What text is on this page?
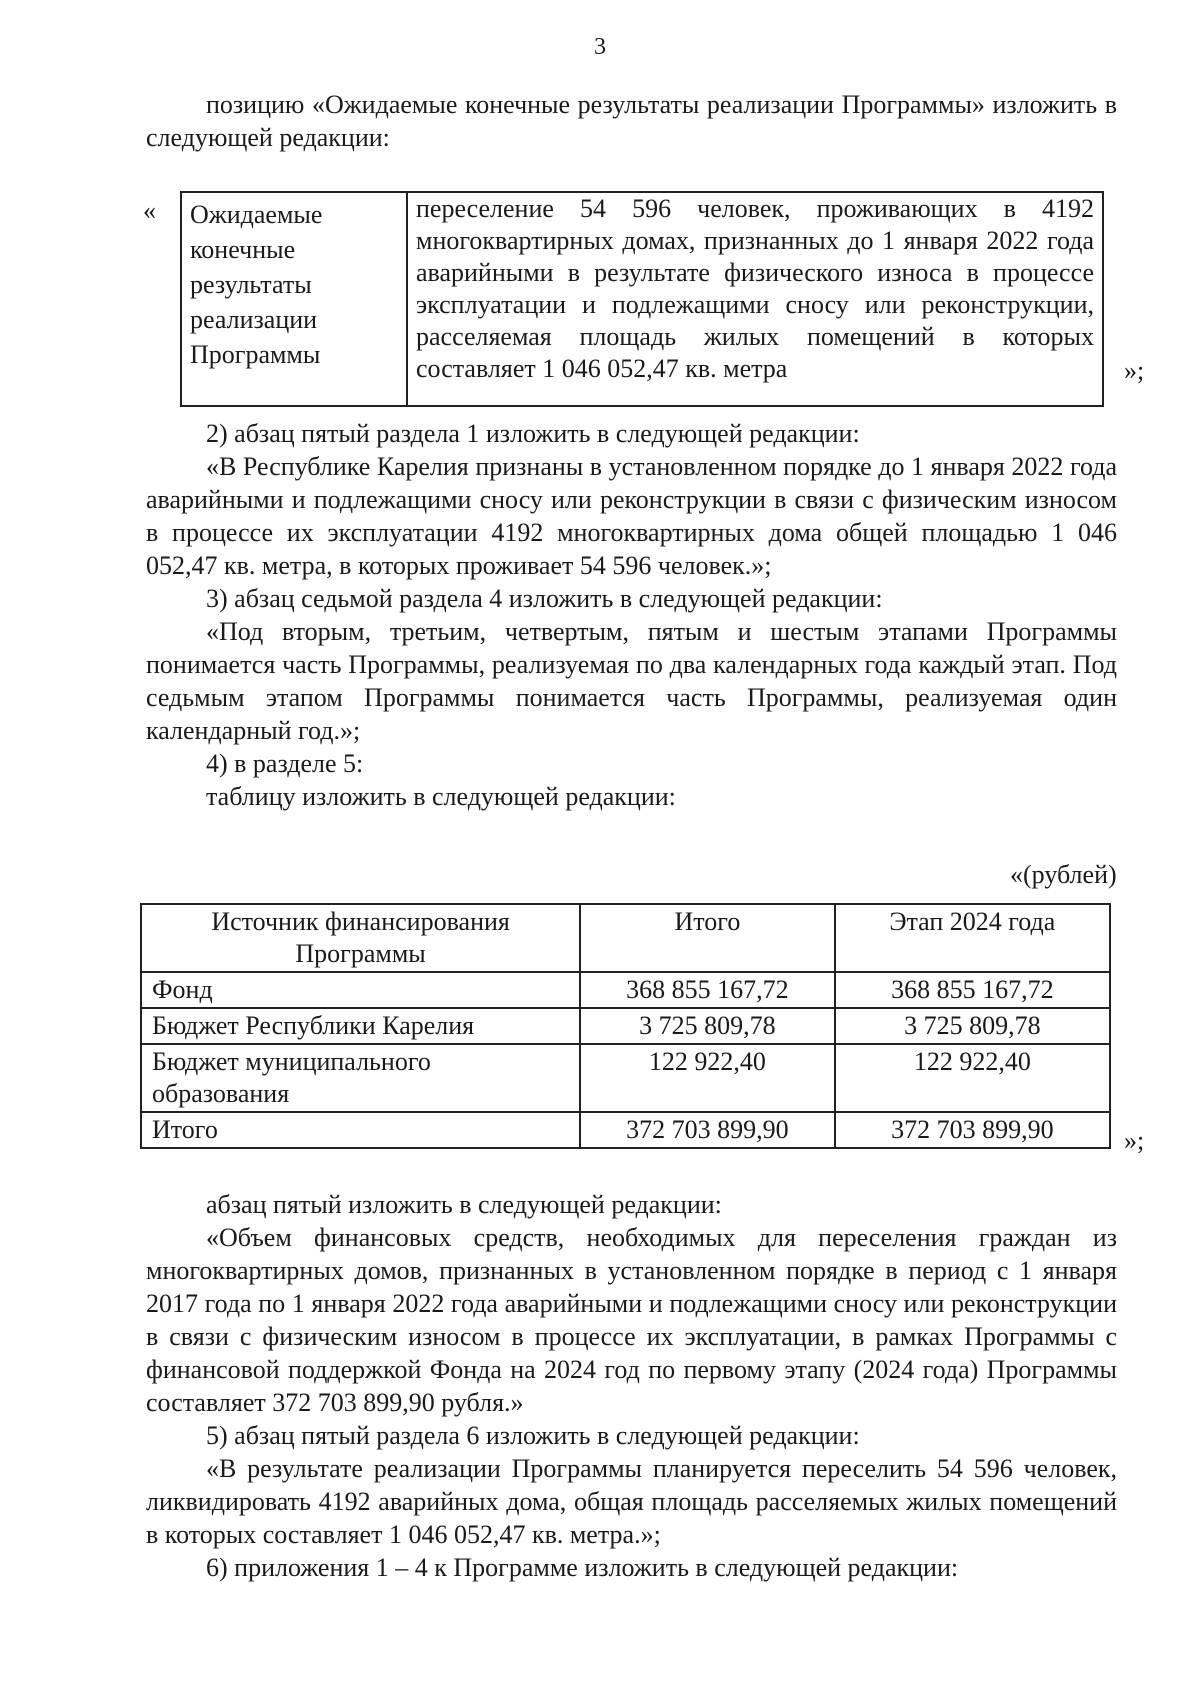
3

позицию «Ожидаемые конечные результаты реализации Программы» изложить в следующей редакции:

« Ожидаемые конечные результаты реализации Программы	переселение 54 596 человек, проживающих в 4192 многоквартирных домах, признанных до 1 января 2022 года аварийными в результате физического износа в процессе эксплуатации и подлежащими сносу или реконструкции, расселяемая площадь жилых помещений в которых составляет 1 046 052,47 кв. метра	»;

2) абзац пятый раздела 1 изложить в следующей редакции:

«В Республике Карелия признаны в установленном порядке до 1 января 2022 года аварийными и подлежащими сносу или реконструкции в связи с физическим износом в процессе их эксплуатации 4192 многоквартирных дома общей площадью 1 046 052,47 кв. метра, в которых проживает 54 596 человек.»;

3) абзац седьмой раздела 4 изложить в следующей редакции:

«Под вторым, третьим, четвертым, пятым и шестым этапами Программы понимается часть Программы, реализуемая по два календарных года каждый этап. Под седьмым этапом Программы понимается часть Программы, реализуемая один календарный год.»;

4) в разделе 5:

таблицу изложить в следующей редакции:

«(рублей)
Источник финансирования Программы	Итого	Этап 2024 года
Фонд	368 855 167,72	368 855 167,72
Бюджет Республики Карелия	3 725 809,78	3 725 809,78
Бюджет муниципального образования	122 922,40	122 922,40
Итого	372 703 899,90	372 703 899,90	»;

абзац пятый изложить в следующей редакции:

«Объем финансовых средств, необходимых для переселения граждан из многоквартирных домов, признанных в установленном порядке в период с 1 января 2017 года по 1 января 2022 года аварийными и подлежащими сносу или реконструкции в связи с физическим износом в процессе их эксплуатации, в рамках Программы с финансовой поддержкой Фонда на 2024 год по первому этапу (2024 года) Программы составляет 372 703 899,90 рубля.»

5) абзац пятый раздела 6 изложить в следующей редакции:

«В результате реализации Программы планируется переселить 54 596 человек, ликвидировать 4192 аварийных дома, общая площадь расселяемых жилых помещений в которых составляет 1 046 052,47 кв. метра.»;

6) приложения 1 – 4 к Программе изложить в следующей редакции:
